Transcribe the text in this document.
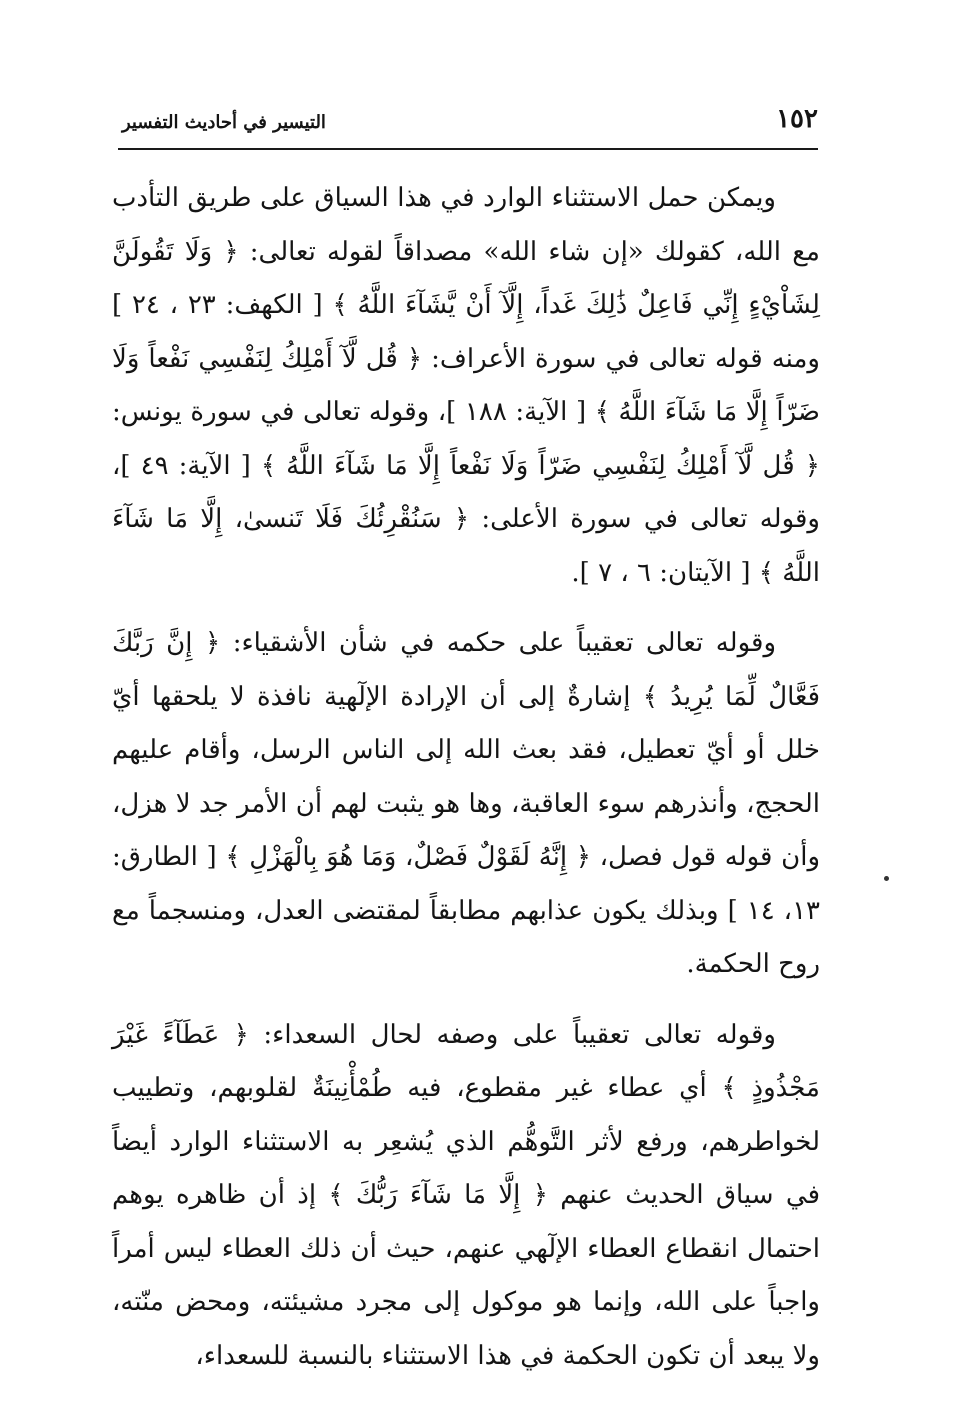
١٥٢
التيسير في أحاديث التفسير

ويمكن حمل الاستثناء الوارد في هذا السياق على طريق التأدب مع الله، كقولك «إن شاء الله» مصداقاً لقوله تعالى: ﴿ وَلَا تَقُولَنَّ لِشَاْيْءٍ إِنِّي فَاعِلٌ ذَٰلِكَ غَداً، إِلَّآ أَنْ يَّشَآءَ اللَّهُ ﴾ [ الكهف: ٢٣ ، ٢٤ ] ومنه قوله تعالى في سورة الأعراف: ﴿ قُل لَّآ أَمْلِكُ لِنَفْسِي نَفْعاً وَلَا ضَرّاً إِلَّا مَا شَآءَ اللَّهُ ﴾ [ الآية: ١٨٨ ]، وقوله تعالى في سورة يونس: ﴿ قُل لَّآ أَمْلِكُ لِنَفْسِي ضَرّاً وَلَا نَفْعاً إِلَّا مَا شَآءَ اللَّهُ ﴾ [ الآية: ٤٩ ]، وقوله تعالى في سورة الأعلى: ﴿ سَنُقْرِئُكَ فَلَا تَنسىٰ، إِلَّا مَا شَآءَ اللَّهُ ﴾ [ الآيتان: ٦ ، ٧ ].

وقوله تعالى تعقيباً على حكمه في شأن الأشقياء: ﴿ إِنَّ رَبَّكَ فَعَّالٌ لِّمَا يُرِيدُ ﴾ إشارةٌ إلى أن الإرادة الإلٓهية نافذة لا يلحقها أيّ خلل أو أيّ تعطيل، فقد بعث الله إلى الناس الرسل، وأقام عليهم الحجج، وأنذرهم سوء العاقبة، وها هو يثبت لهم أن الأمر جد لا هزل، وأن قوله قول فصل، ﴿ إِنَّهُ لَقَوْلٌ فَصْلٌ، وَمَا هُوَ بِالْهَزْلِ ﴾ [ الطارق: ١٣، ١٤ ] وبذلك يكون عذابهم مطابقاً لمقتضى العدل، ومنسجماً مع روح الحكمة.

وقوله تعالى تعقيباً على وصفه لحال السعداء: ﴿ عَطَآءً غَيْرَ مَجْذُوذٍ ﴾ أي عطاء غير مقطوع، فيه طُمْأْنِينَةٌ لقلوبهم، وتطييب لخواطرهم، ورفع لأثر التَّوهُّم الذي يُشعِر به الاستثناء الوارد أيضاً في سياق الحديث عنهم ﴿ إِلَّا مَا شَآءَ رَبُّكَ ﴾ إذ أن ظاهره يوهم احتمال انقطاع العطاء الإلٓهي عنهم، حيث أن ذلك العطاء ليس أمراً واجباً على الله، وإنما هو موكول إلى مجرد مشيئته، ومحض منّته، ولا يبعد أن تكون الحكمة في هذا الاستثناء بالنسبة للسعداء،
